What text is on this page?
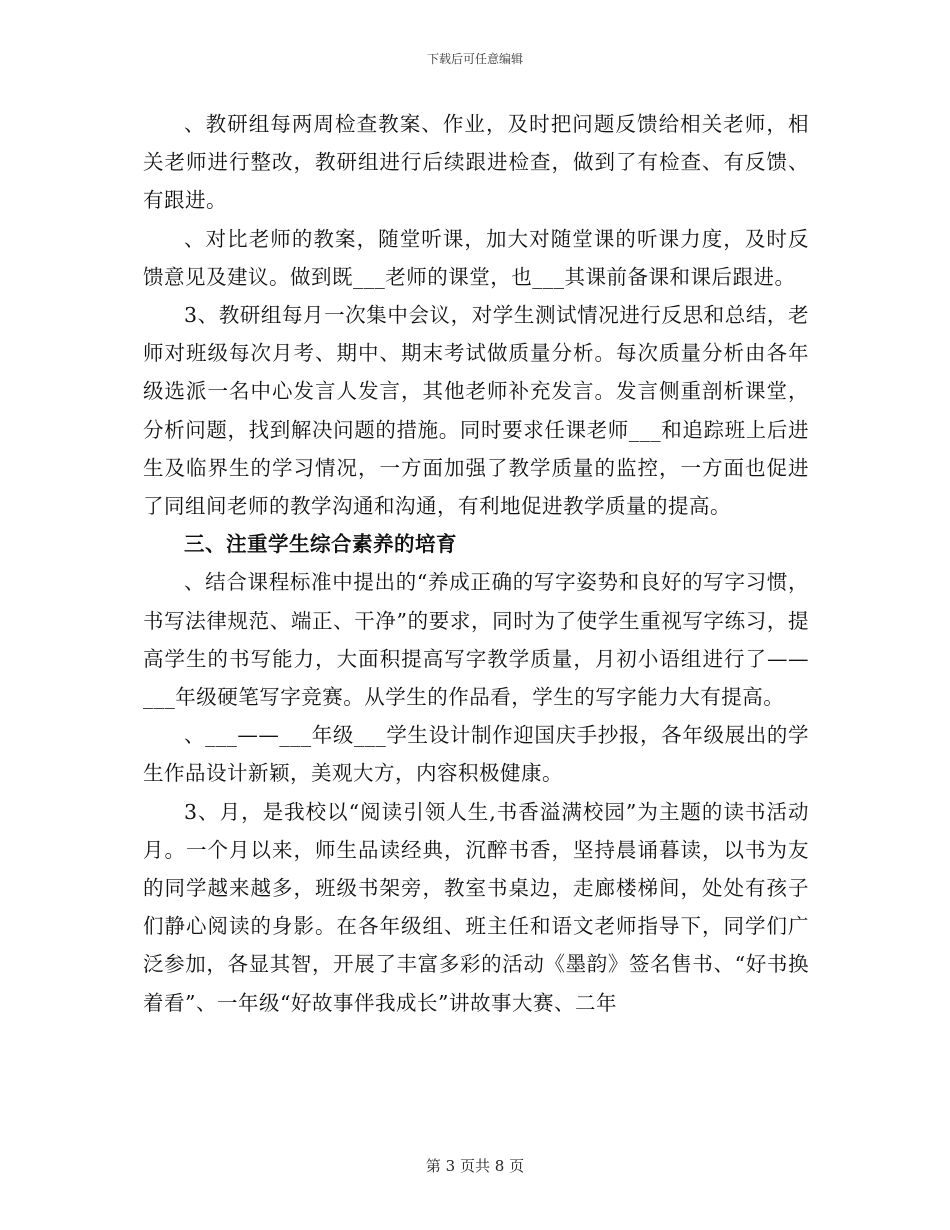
下载后可任意编辑

、教研组每两周检查教案、作业，及时把问题反馈给相关老师，相关老师进行整改，教研组进行后续跟进检查，做到了有检查、有反馈、有跟进。

、对比老师的教案，随堂听课，加大对随堂课的听课力度，及时反馈意见及建议。做到既___老师的课堂，也___其课前备课和课后跟进。

3、教研组每月一次集中会议，对学生测试情况进行反思和总结，老师对班级每次月考、期中、期末考试做质量分析。每次质量分析由各年级选派一名中心发言人发言，其他老师补充发言。发言侧重剖析课堂，分析问题，找到解决问题的措施。同时要求任课老师___和追踪班上后进生及临界生的学习情况，一方面加强了教学质量的监控，一方面也促进了同组间老师的教学沟通和沟通，有利地促进教学质量的提高。

三、注重学生综合素养的培育

、结合课程标准中提出的“养成正确的写字姿势和良好的写字习惯，书写法律规范、端正、干净”的要求，同时为了使学生重视写字练习，提高学生的书写能力，大面积提高写字教学质量，月初小语组进行了——___年级硬笔写字竞赛。从学生的作品看，学生的写字能力大有提高。

、___——___年级___学生设计制作迎国庆手抄报，各年级展出的学生作品设计新颖，美观大方，内容积极健康。

3、月，是我校以“阅读引领人生,书香溢满校园”为主题的读书活动月。一个月以来，师生品读经典，沉醉书香，坚持晨诵暮读，以书为友的同学越来越多，班级书架旁，教室书桌边，走廊楼梯间，处处有孩子们静心阅读的身影。在各年级组、班主任和语文老师指导下，同学们广泛参加，各显其智，开展了丰富多彩的活动《墨韵》签名售书、“好书换着看”、一年级“好故事伴我成长”讲故事大赛、二年

第 3 页共 8 页
